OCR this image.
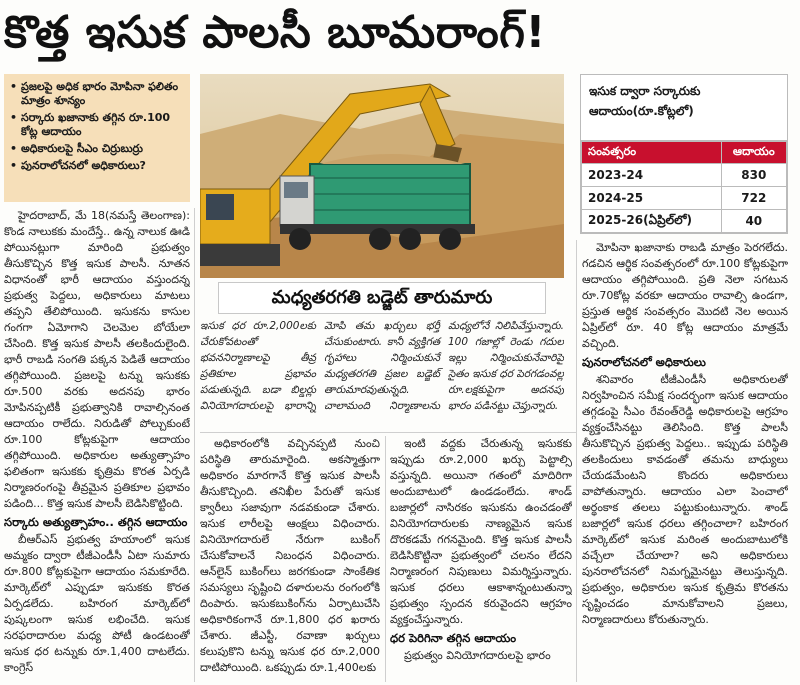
కొత్త ఇసుక పాలసీ బూమరాంగ్!
• ప్రజలపై అధిక భారం మోపినా ఫలితం మాత్రం శూన్యం
• సర్కారు ఖజానాకు తగ్గిన రూ.100 కోట్ల ఆదాయం
• అధికారులపై సీఎం చిర్రుబుర్రు
• పునరాలోచనలో అధికారులు?
మధ్యతరగతి బడ్జెట్‌ తారుమారు
ఇసుక ద్వారా సర్కారుకు ఆదాయం(రూ.కోట్లలో)
సంవత్సరం	ఆదాయం
2023-24	830
2024-25	722
2025-26(ఏప్రిల్‌లో)	40

హైదరాబాద్, మే 18(నమస్తే తెలంగాణ): కొండ నాలుకకు మందేస్తే.. ఉన్న నాలుక ఊడి పోయినట్లుగా మారింది ప్రభుత్వం తీసుకొచ్చిన కొత్త ఇసుక పాలసీ. నూతన విధానంతో భారీ ఆదాయం వస్తుందన్న ప్రభుత్వ పెద్దలు, అధికారులు మాటలు తప్పని తేలిపోయింది. ఇసుకను కాసుల గంగగా ఏమోగాని చెలమెల బోయేలా చేసింది. కొత్త ఇసుక పాలసీ తలకిందులైంది. భారీ రాబడి సంగతి పక్కన పెడితే ఆదాయం తగ్గిపోయింది. ప్రజలపై టన్ను ఇసుకకు రూ.500 వరకు అదనపు భారం మోపినప్పటికీ ప్రభుత్వానికి రావాల్సినంత ఆదాయం రాలేదు. నిరుడితో పోల్చుకుంటే రూ.100 కోట్లకుపైగా ఆదాయం తగ్గిపోయింది. అధికారుల అత్యుత్సాహం ఫలితంగా ఇసుకకు కృత్రిమ కొరత ఏర్పడి నిర్మాణరంగంపై తీవ్రమైన ప్రతికూల ప్రభావం పడింది... కొత్త ఇసుక పాలసీ బెడిసికొట్టింది.

సర్కారు అత్యుత్సాహం.. తగ్గిన ఆదాయం

బీఆర్ఎస్ ప్రభుత్వ హయాంలో ఇసుక అమ్మకం ద్వారా టీజీఎండీసీ ఏటా సుమారు రూ.800 కోట్లకుపైగా ఆదాయం సమకూరేది. మార్కెట్‌లో ఎప్పుడూ ఇసుకకు కొరత ఏర్పడలేదు. బహిరంగ మార్కెట్‌లో పుష్కలంగా ఇసుక లభించేది. ఇసుక సరఫరాదారుల మధ్య పోటీ ఉండటంతో ఇసుక ధర టన్నుకు రూ.1,400 దాటలేదు. కాంగ్రెస్

ఇసుక ధర రూ.2,000లకు చేరుకోవటంతో భవననిర్మాణాలపై తీవ్ర ప్రతికూల ప్రభావం పడుతున్నది. బడా బిల్డర్లు వినియోగదారులపై భారాన్ని మోపి తమ ఖర్చులు భర్తీ చేసుకుంటారు. కానీ వ్యక్తిగత గృహాలు నిర్మించుకునే మధ్యతరగతి ప్రజల బడ్జెట్ తారుమారవుతున్నది. చాలామంది నిర్మాణాలను మధ్యలోనే నిలిపివేస్తున్నారు. 100 గజాల్లో రెండు గదుల ఇల్లు నిర్మించుకునేవారిపై సైతం ఇసుక ధర పెరగడంవల్ల రూ.లక్షకుపైగా అదనపు భారం పడినట్టు చెప్తున్నారు.

అధికారంలోకి వచ్చినప్పటి నుంచి పరిస్థితి తారుమారైంది. అకస్మాత్తుగా అధికారం మారగానే కొత్త ఇసుక పాలసీ తీసుకొచ్చింది. తనిఖీల పేరుతో ఇసుక క్వారీలు సజావుగా నడవకుండా చేశారు. ఇసుక లారీలపై ఆంక్షలు విధించారు. వినియోగదారులే నేరుగా బుకింగ్ చేసుకోవాలనే నిబంధన విధించారు. ఆన్‌లైన్ బుకింగ్‌లు జరగకుండా సాంకేతిక సమస్యలు సృష్టించి దళారులను రంగంలోకి దింపారు. ఇసుకబుకింగ్‌ను ఏర్పాటుచేసి అధికారికంగానే రూ.1,800 ధర ఖరారు చేశారు. జీఎస్టీ, రవాణా ఖర్చులు కలుపుకొని టన్ను ఇసుక ధర రూ.2,000 దాటిపోయింది. ఒకప్పుడు రూ.1,400లకు

ఇంటి వద్దకు చేరుతున్న ఇసుకకు ఇప్పుడు రూ.2,000 ఖర్చు పెట్టాల్సి వస్తున్నది. అయినా గతంలో మాదిరిగా అందుబాటులో ఉండడంలేదు. శాండ్ బజార్లలో నాసిరకం ఇసుకను ఉంచడంతో వినియోగదారులకు నాణ్యమైన ఇసుక దొరకడమే గగనమైంది. కొత్త ఇసుక పాలసీ బెడిసికొట్టినా ప్రభుత్వంలో చలనం లేదని నిర్మాణరంగ నిపుణులు విమర్శిస్తున్నారు. ఇసుక ధరలు ఆకాశాన్నంటుతున్నా ప్రభుత్వం స్పందన కరువైందని ఆగ్రహం వ్యక్తంచేస్తున్నారు.

ధర పెరిగినా తగ్గిన ఆదాయం

ప్రభుత్వం వినియోగదారులపై భారం

మోపినా ఖజానాకు రాబడి మాత్రం పెరగలేదు. గడచిన ఆర్థిక సంవత్సరంలో రూ.100 కోట్లకుపైగా ఆదాయం తగ్గిపోయింది. ప్రతి నెలా సగటున రూ.70కోట్ల వరకూ ఆదాయం రావాల్సి ఉండగా, ప్రస్తుత ఆర్థిక సంవత్సరం మొదటి నెల అయిన ఏప్రిల్‌లో రూ. 40 కోట్ల ఆదాయం మాత్రమే వచ్చింది.

పునరాలోచనలో అధికారులు

శనివారం టీజీఎండీసీ అధికారులతో నిర్వహించిన సమీక్ష సందర్భంగా ఇసుక ఆదాయం తగ్గడంపై సీఎం రేవంత్‌రెడ్డి అధికారులపై ఆగ్రహం వ్యక్తంచేసినట్టు తెలిసింది. కొత్త పాలసీ తీసుకొచ్చిన ప్రభుత్వ పెద్దలు.. ఇప్పుడు పరిస్థితి తలకిందులు కావడంతో తమను బాధ్యులు చేయడమేంటని కొందరు అధికారులు వాపోతున్నారు. ఆదాయం ఎలా పెంచాలో అర్థంకాక తలలు పట్టుకుంటున్నారు. శాండ్ బజార్లలో ఇసుక ధరలు తగ్గించాలా? బహిరంగ మార్కెట్‌లో ఇసుక మరింత అందుబాటులోకి వచ్చేలా చేయాలా? అని అధికారులు పునరాలోచనలో నిమగ్నమైనట్టు తెలుస్తున్నది. ప్రభుత్వం, అధికారుల ఇసుక కృత్రిమ కొరతను సృష్టించడం మానుకోవాలని ప్రజలు, నిర్మాణదారులు కోరుతున్నారు.
